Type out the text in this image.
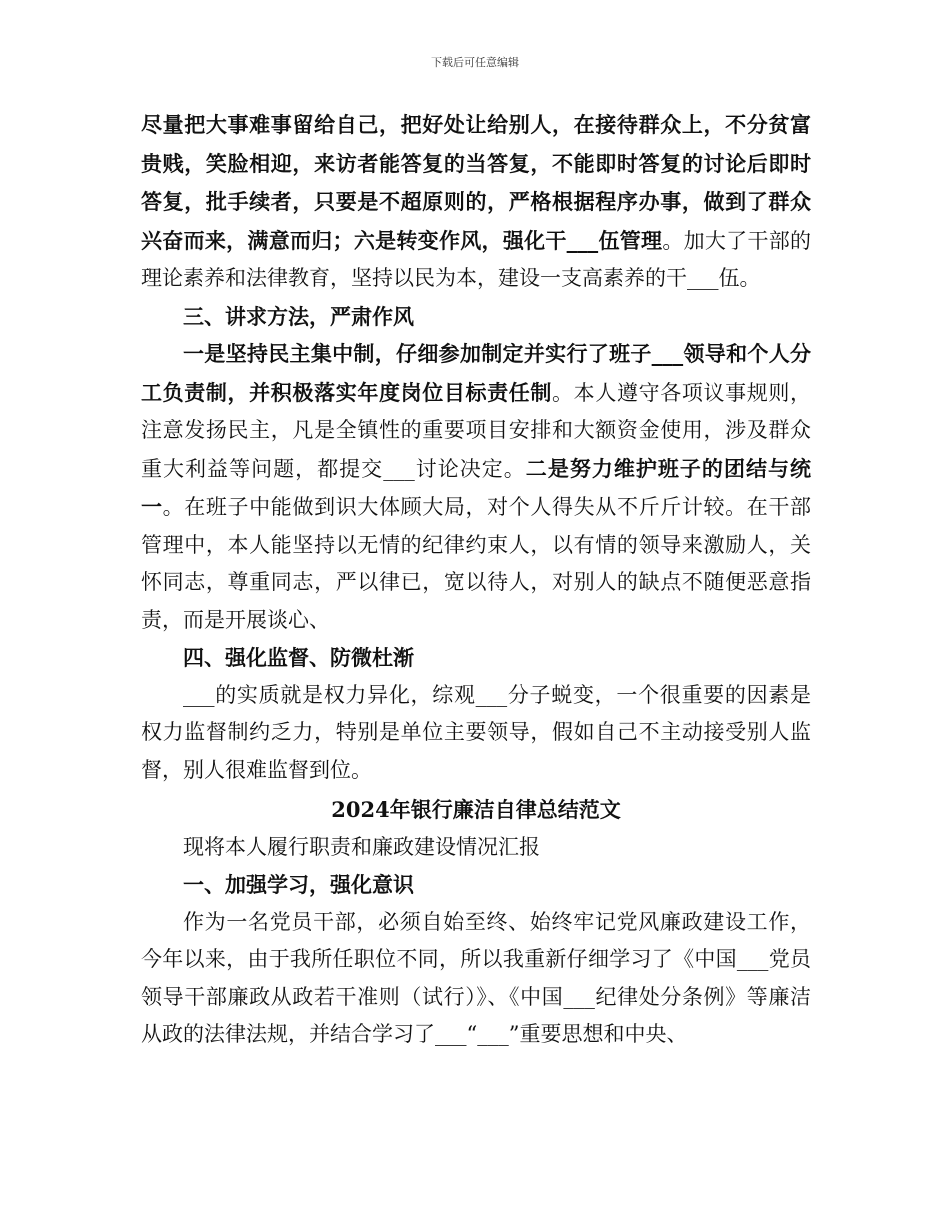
下载后可任意编辑

尽量把大事难事留给自己，把好处让给别人，在接待群众上，不分贫富贵贱，笑脸相迎，来访者能答复的当答复，不能即时答复的讨论后即时答复，批手续者，只要是不超原则的，严格根据程序办事，做到了群众兴奋而来，满意而归；六是转变作风，强化干___伍管理。加大了干部的理论素养和法律教育，坚持以民为本，建设一支高素养的干___伍。

三、讲求方法，严肃作风

一是坚持民主集中制，仔细参加制定并实行了班子___领导和个人分工负责制，并积极落实年度岗位目标责任制。本人遵守各项议事规则，注意发扬民主，凡是全镇性的重要项目安排和大额资金使用，涉及群众重大利益等问题，都提交___讨论决定。二是努力维护班子的团结与统一。在班子中能做到识大体顾大局，对个人得失从不斤斤计较。在干部管理中，本人能坚持以无情的纪律约束人，以有情的领导来激励人，关怀同志，尊重同志，严以律已，宽以待人，对别人的缺点不随便恶意指责，而是开展谈心、

四、强化监督、防微杜渐

___的实质就是权力异化，综观___分子蜕变，一个很重要的因素是权力监督制约乏力，特别是单位主要领导，假如自己不主动接受别人监督，别人很难监督到位。

2024年银行廉洁自律总结范文

现将本人履行职责和廉政建设情况汇报

一、加强学习，强化意识

作为一名党员干部，必须自始至终、始终牢记党风廉政建设工作，今年以来，由于我所任职位不同，所以我重新仔细学习了《中国___党员领导干部廉政从政若干准则（试行）》、《中国___纪律处分条例》等廉洁从政的法律法规，并结合学习了___“___”重要思想和中央、
